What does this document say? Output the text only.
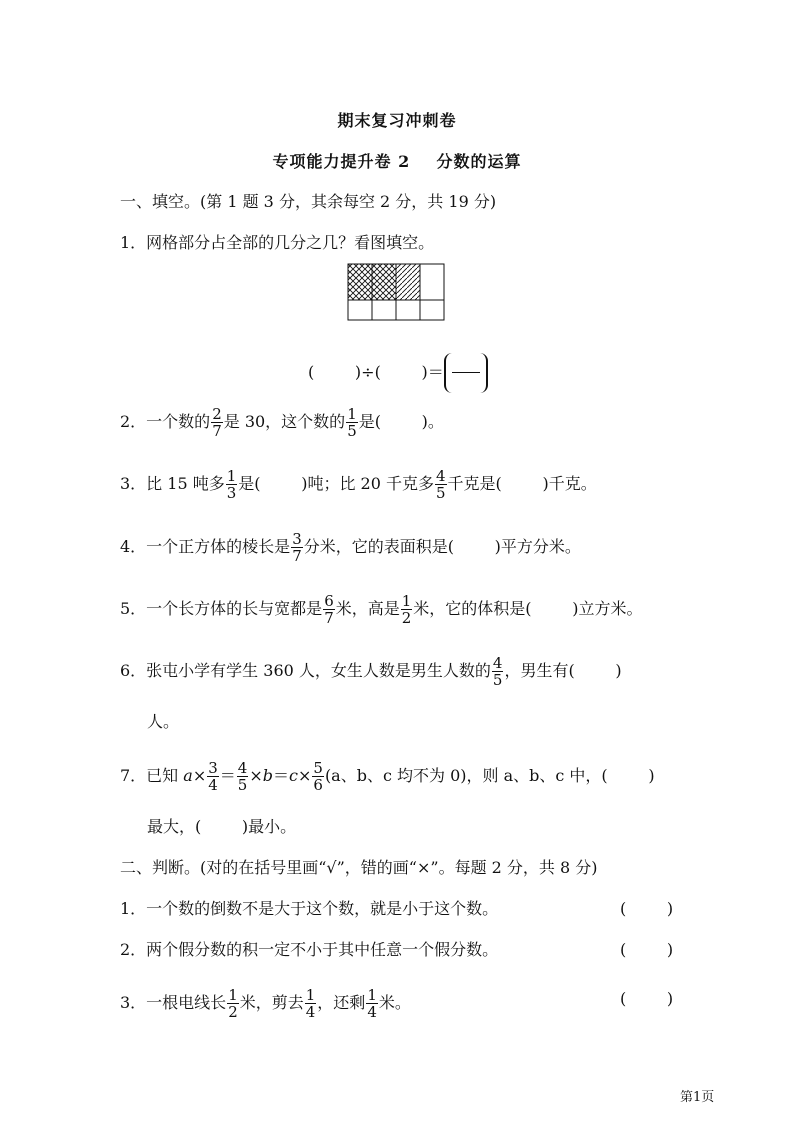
期末复习冲刺卷
专项能力提升卷 2    分数的运算
一、填空。(第 1 题 3 分，其余每空 2 分，共 19 分)
1．网格部分占全部的几分之几？看图填空。
(        )÷(        )＝
2．一个数的 $\frac{2}{7}$ 是 30，这个数的 $\frac{1}{5}$ 是(        )。
3．比 15 吨多 $\frac{1}{3}$ 是(        )吨；比 20 千克多 $\frac{4}{5}$ 千克是(        )千克。
4．一个正方体的棱长是 $\frac{3}{7}$ 分米，它的表面积是(        )平方分米。
5．一个长方体的长与宽都是 $\frac{6}{7}$ 米，高是 $\frac{1}{2}$ 米，它的体积是(        )立方米。
6．张屯小学有学生 360 人，女生人数是男生人数的 $\frac{4}{5}$ ，男生有(        )
人。
7．已知 $a\times \frac{3}{4} = \frac{4}{5} \times b=c\times \frac{5}{6} (a$、b、c 均不为 0)，则 a、b、c 中，(        )
最大，(        )最小。
二、判断。(对的在括号里画“√”，错的画“×”。每题 2 分，共 8 分)
1．一个数的倒数不是大于这个数，就是小于这个数。	(        )
2．两个假分数的积一定不小于其中任意一个假分数。	(        )
3．一根电线长 $\frac{1}{2}$ 米，剪去 $\frac{1}{4}$ ，还剩 $\frac{1}{4}$ 米。	(        )
第1页
